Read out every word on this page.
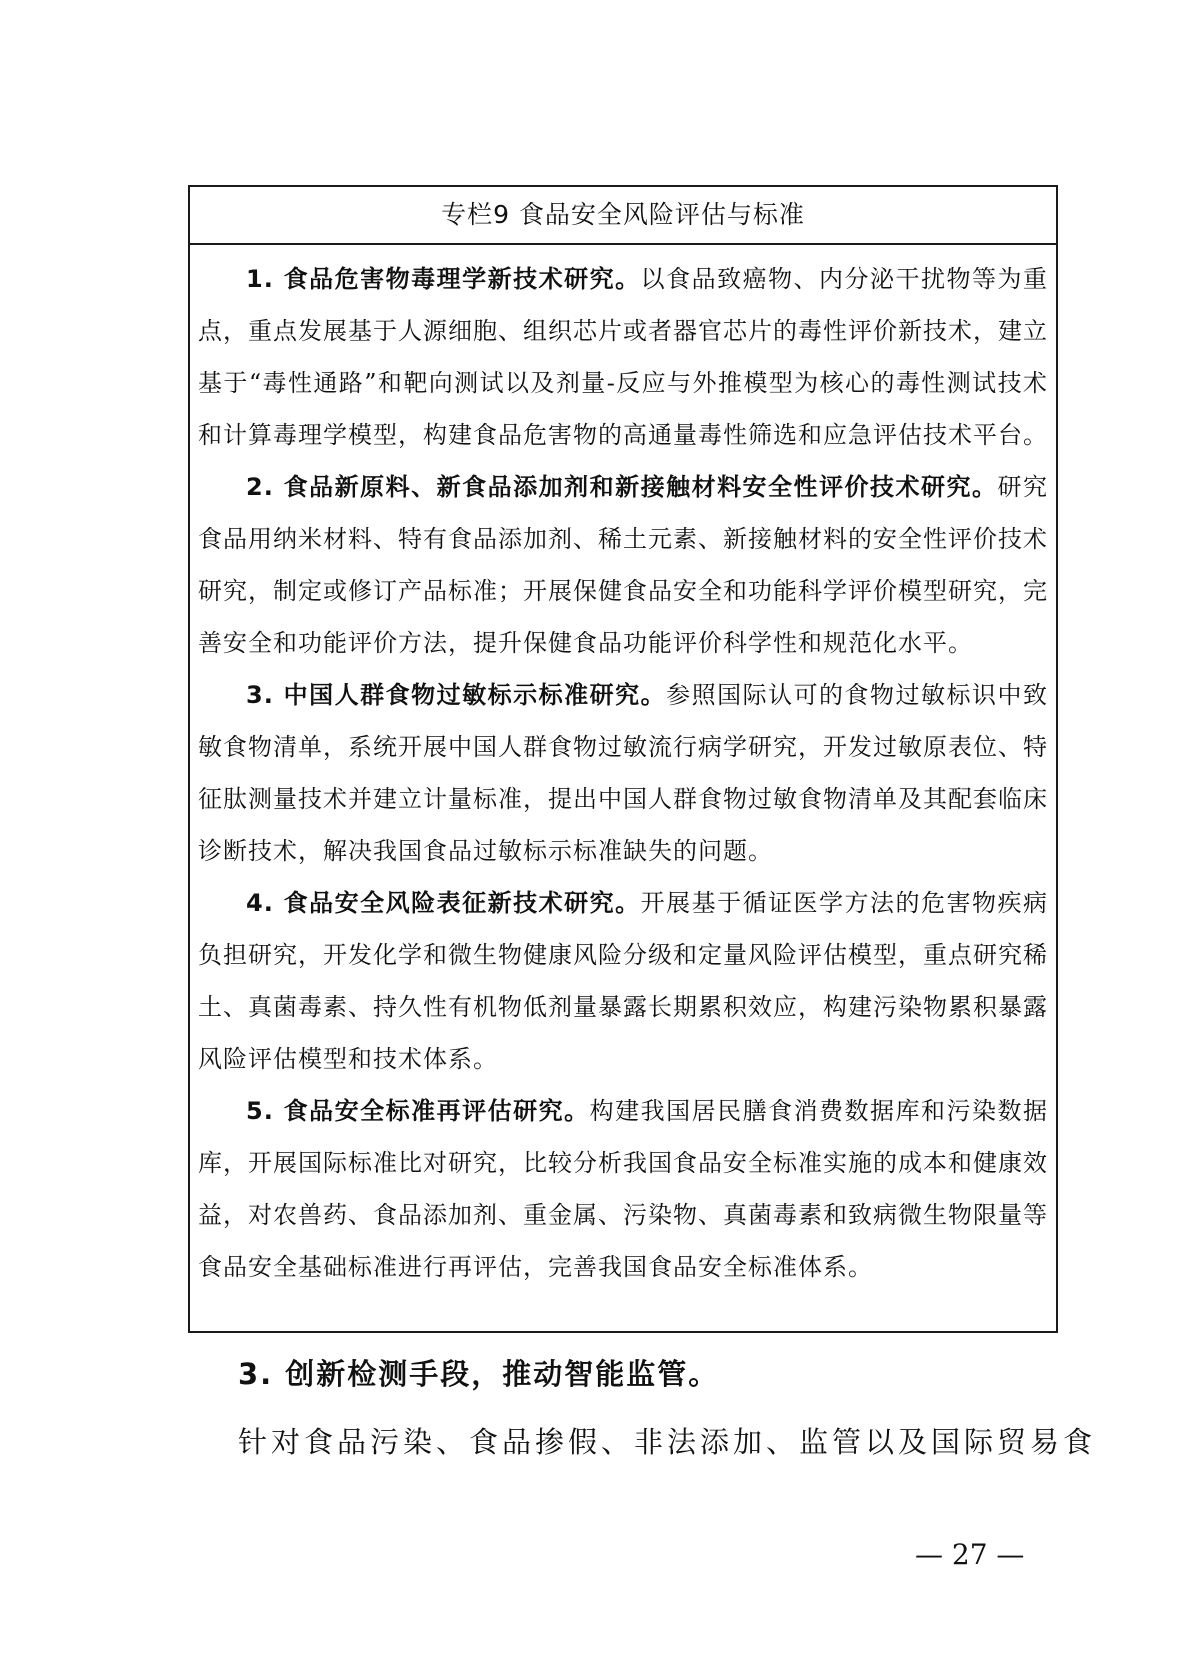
专栏9 食品安全风险评估与标准

1. 食品危害物毒理学新技术研究。以食品致癌物、内分泌干扰物等为重点，重点发展基于人源细胞、组织芯片或者器官芯片的毒性评价新技术，建立基于“毒性通路”和靶向测试以及剂量-反应与外推模型为核心的毒性测试技术和计算毒理学模型，构建食品危害物的高通量毒性筛选和应急评估技术平台。

2. 食品新原料、新食品添加剂和新接触材料安全性评价技术研究。研究食品用纳米材料、特有食品添加剂、稀土元素、新接触材料的安全性评价技术研究，制定或修订产品标准；开展保健食品安全和功能科学评价模型研究，完善安全和功能评价方法，提升保健食品功能评价科学性和规范化水平。

3. 中国人群食物过敏标示标准研究。参照国际认可的食物过敏标识中致敏食物清单，系统开展中国人群食物过敏流行病学研究，开发过敏原表位、特征肽测量技术并建立计量标准，提出中国人群食物过敏食物清单及其配套临床诊断技术，解决我国食品过敏标示标准缺失的问题。

4. 食品安全风险表征新技术研究。开展基于循证医学方法的危害物疾病负担研究，开发化学和微生物健康风险分级和定量风险评估模型，重点研究稀土、真菌毒素、持久性有机物低剂量暴露长期累积效应，构建污染物累积暴露风险评估模型和技术体系。

5. 食品安全标准再评估研究。构建我国居民膳食消费数据库和污染数据库，开展国际标准比对研究，比较分析我国食品安全标准实施的成本和健康效益，对农兽药、食品添加剂、重金属、污染物、真菌毒素和致病微生物限量等食品安全基础标准进行再评估，完善我国食品安全标准体系。

3. 创新检测手段，推动智能监管。
针对食品污染、食品掺假、非法添加、监管以及国际贸易食
— 27 —
